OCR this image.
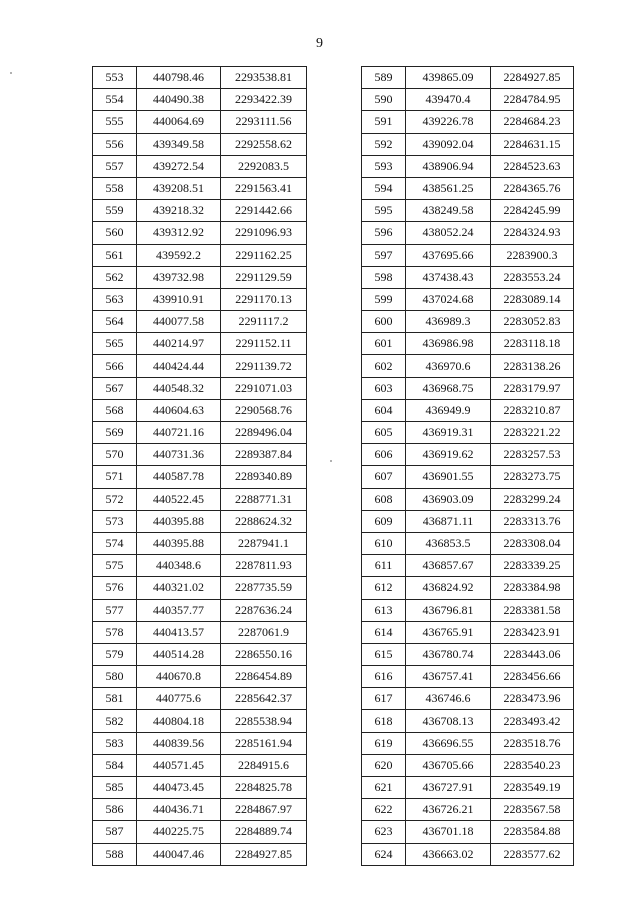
9
553	440798.46	2293538.81
554	440490.38	2293422.39
555	440064.69	2293111.56
556	439349.58	2292558.62
557	439272.54	2292083.5
558	439208.51	2291563.41
559	439218.32	2291442.66
560	439312.92	2291096.93
561	439592.2	2291162.25
562	439732.98	2291129.59
563	439910.91	2291170.13
564	440077.58	2291117.2
565	440214.97	2291152.11
566	440424.44	2291139.72
567	440548.32	2291071.03
568	440604.63	2290568.76
569	440721.16	2289496.04
570	440731.36	2289387.84
571	440587.78	2289340.89
572	440522.45	2288771.31
573	440395.88	2288624.32
574	440395.88	2287941.1
575	440348.6	2287811.93
576	440321.02	2287735.59
577	440357.77	2287636.24
578	440413.57	2287061.9
579	440514.28	2286550.16
580	440670.8	2286454.89
581	440775.6	2285642.37
582	440804.18	2285538.94
583	440839.56	2285161.94
584	440571.45	2284915.6
585	440473.45	2284825.78
586	440436.71	2284867.97
587	440225.75	2284889.74
588	440047.46	2284927.85
589	439865.09	2284927.85
590	439470.4	2284784.95
591	439226.78	2284684.23
592	439092.04	2284631.15
593	438906.94	2284523.63
594	438561.25	2284365.76
595	438249.58	2284245.99
596	438052.24	2284324.93
597	437695.66	2283900.3
598	437438.43	2283553.24
599	437024.68	2283089.14
600	436989.3	2283052.83
601	436986.98	2283118.18
602	436970.6	2283138.26
603	436968.75	2283179.97
604	436949.9	2283210.87
605	436919.31	2283221.22
606	436919.62	2283257.53
607	436901.55	2283273.75
608	436903.09	2283299.24
609	436871.11	2283313.76
610	436853.5	2283308.04
611	436857.67	2283339.25
612	436824.92	2283384.98
613	436796.81	2283381.58
614	436765.91	2283423.91
615	436780.74	2283443.06
616	436757.41	2283456.66
617	436746.6	2283473.96
618	436708.13	2283493.42
619	436696.55	2283518.76
620	436705.66	2283540.23
621	436727.91	2283549.19
622	436726.21	2283567.58
623	436701.18	2283584.88
624	436663.02	2283577.62
